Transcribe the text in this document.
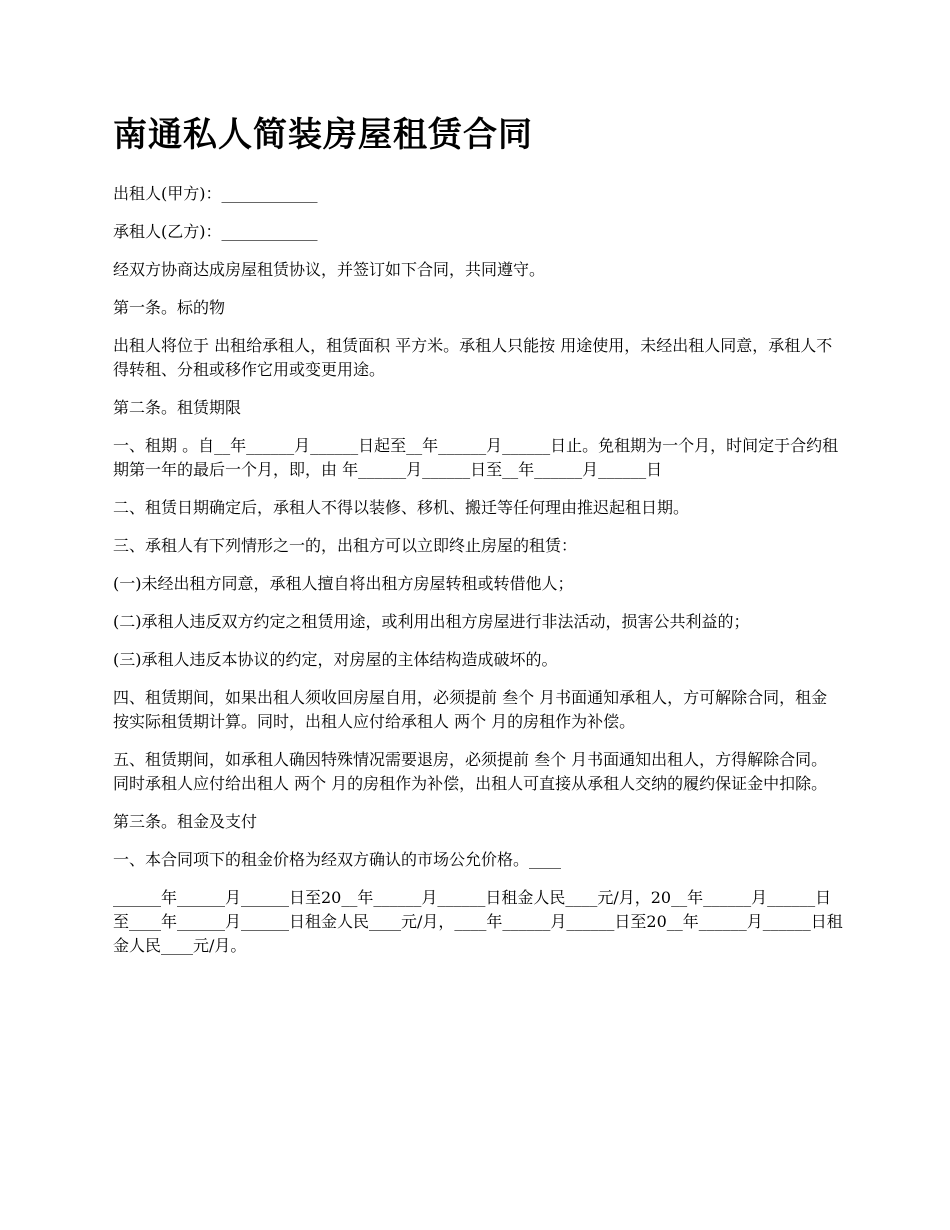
南通私人简装房屋租赁合同

出租人(甲方)：____________

承租人(乙方)：____________

经双方协商达成房屋租赁协议，并签订如下合同，共同遵守。

第一条。标的物

出租人将位于 出租给承租人，租赁面积 平方米。承租人只能按 用途使用，未经出租人同意，承租人不得转租、分租或移作它用或变更用途。

第二条。租赁期限

一、租期 。自__年______月______日起至__年______月______日止。免租期为一个月，时间定于合约租期第一年的最后一个月，即，由 年______月______日至__年______月______日

二、租赁日期确定后，承租人不得以装修、移机、搬迁等任何理由推迟起租日期。

三、承租人有下列情形之一的，出租方可以立即终止房屋的租赁：

(一)未经出租方同意，承租人擅自将出租方房屋转租或转借他人；

(二)承租人违反双方约定之租赁用途，或利用出租方房屋进行非法活动，损害公共利益的；

(三)承租人违反本协议的约定，对房屋的主体结构造成破坏的。

四、租赁期间，如果出租人须收回房屋自用，必须提前 叁个 月书面通知承租人，方可解除合同，租金按实际租赁期计算。同时，出租人应付给承租人 两个 月的房租作为补偿。

五、租赁期间，如承租人确因特殊情况需要退房，必须提前 叁个 月书面通知出租人，方得解除合同。同时承租人应付给出租人 两个 月的房租作为补偿，出租人可直接从承租人交纳的履约保证金中扣除。

第三条。租金及支付

一、本合同项下的租金价格为经双方确认的市场公允价格。____

______年______月______日至20__年______月______日租金人民____元/月，20__年______月______日至____年______月______日租金人民____元/月，____年______月______日至20__年______月______日租金人民____元/月。
